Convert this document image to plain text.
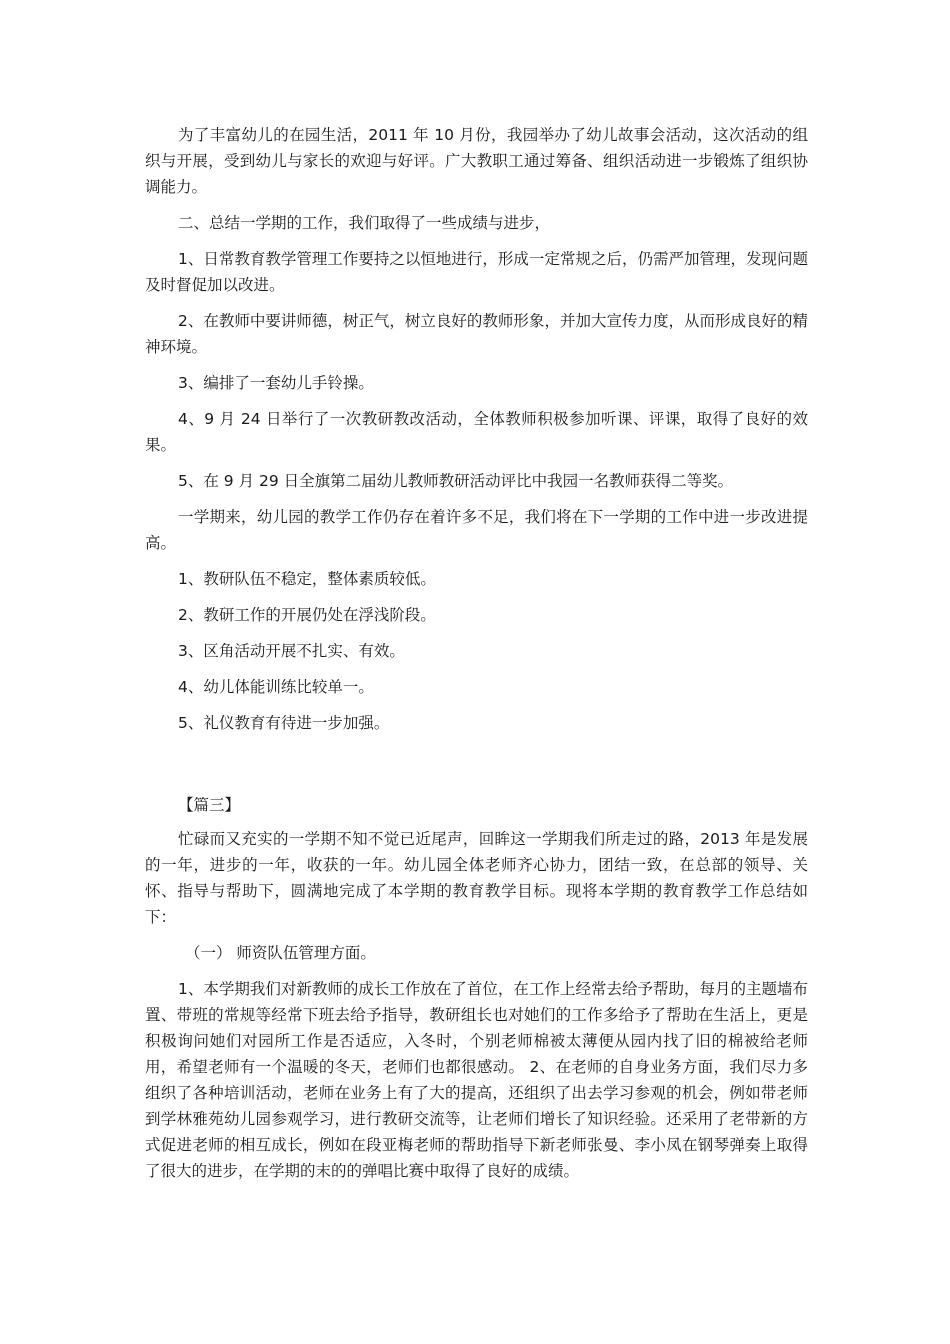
为了丰富幼儿的在园生活，2011 年 10 月份，我园举办了幼儿故事会活动，这次活动的组织与开展，受到幼儿与家长的欢迎与好评。广大教职工通过筹备、组织活动进一步锻炼了组织协调能力。

二、总结一学期的工作，我们取得了一些成绩与进步，

1、日常教育教学管理工作要持之以恒地进行，形成一定常规之后，仍需严加管理，发现问题及时督促加以改进。

2、在教师中要讲师德，树正气，树立良好的教师形象，并加大宣传力度，从而形成良好的精神环境。

3、编排了一套幼儿手铃操。

4、9 月 24 日举行了一次教研教改活动，全体教师积极参加听课、评课，取得了良好的效果。

5、在 9 月 29 日全旗第二届幼儿教师教研活动评比中我园一名教师获得二等奖。

一学期来，幼儿园的教学工作仍存在着许多不足，我们将在下一学期的工作中进一步改进提高。

1、教研队伍不稳定，整体素质较低。

2、教研工作的开展仍处在浮浅阶段。

3、区角活动开展不扎实、有效。

4、幼儿体能训练比较单一。

5、礼仪教育有待进一步加强。

【篇三】

忙碌而又充实的一学期不知不觉已近尾声，回眸这一学期我们所走过的路，2013 年是发展的一年，进步的一年，收获的一年。幼儿园全体老师齐心协力，团结一致，在总部的领导、关怀、指导与帮助下，圆满地完成了本学期的教育教学目标。现将本学期的教育教学工作总结如下：

（一） 师资队伍管理方面。

1、本学期我们对新教师的成长工作放在了首位，在工作上经常去给予帮助，每月的主题墙布置、带班的常规等经常下班去给予指导，教研组长也对她们的工作多给予了帮助在生活上，更是积极询问她们对园所工作是否适应，入冬时，个别老师棉被太薄便从园内找了旧的棉被给老师用，希望老师有一个温暖的冬天，老师们也都很感动。 2、在老师的自身业务方面，我们尽力多组织了各种培训活动，老师在业务上有了大的提高，还组织了出去学习参观的机会，例如带老师到学林雅苑幼儿园参观学习，进行教研交流等，让老师们增长了知识经验。还采用了老带新的方式促进老师的相互成长，例如在段亚梅老师的帮助指导下新老师张曼、李小凤在钢琴弹奏上取得了很大的进步，在学期的末的的弹唱比赛中取得了良好的成绩。
